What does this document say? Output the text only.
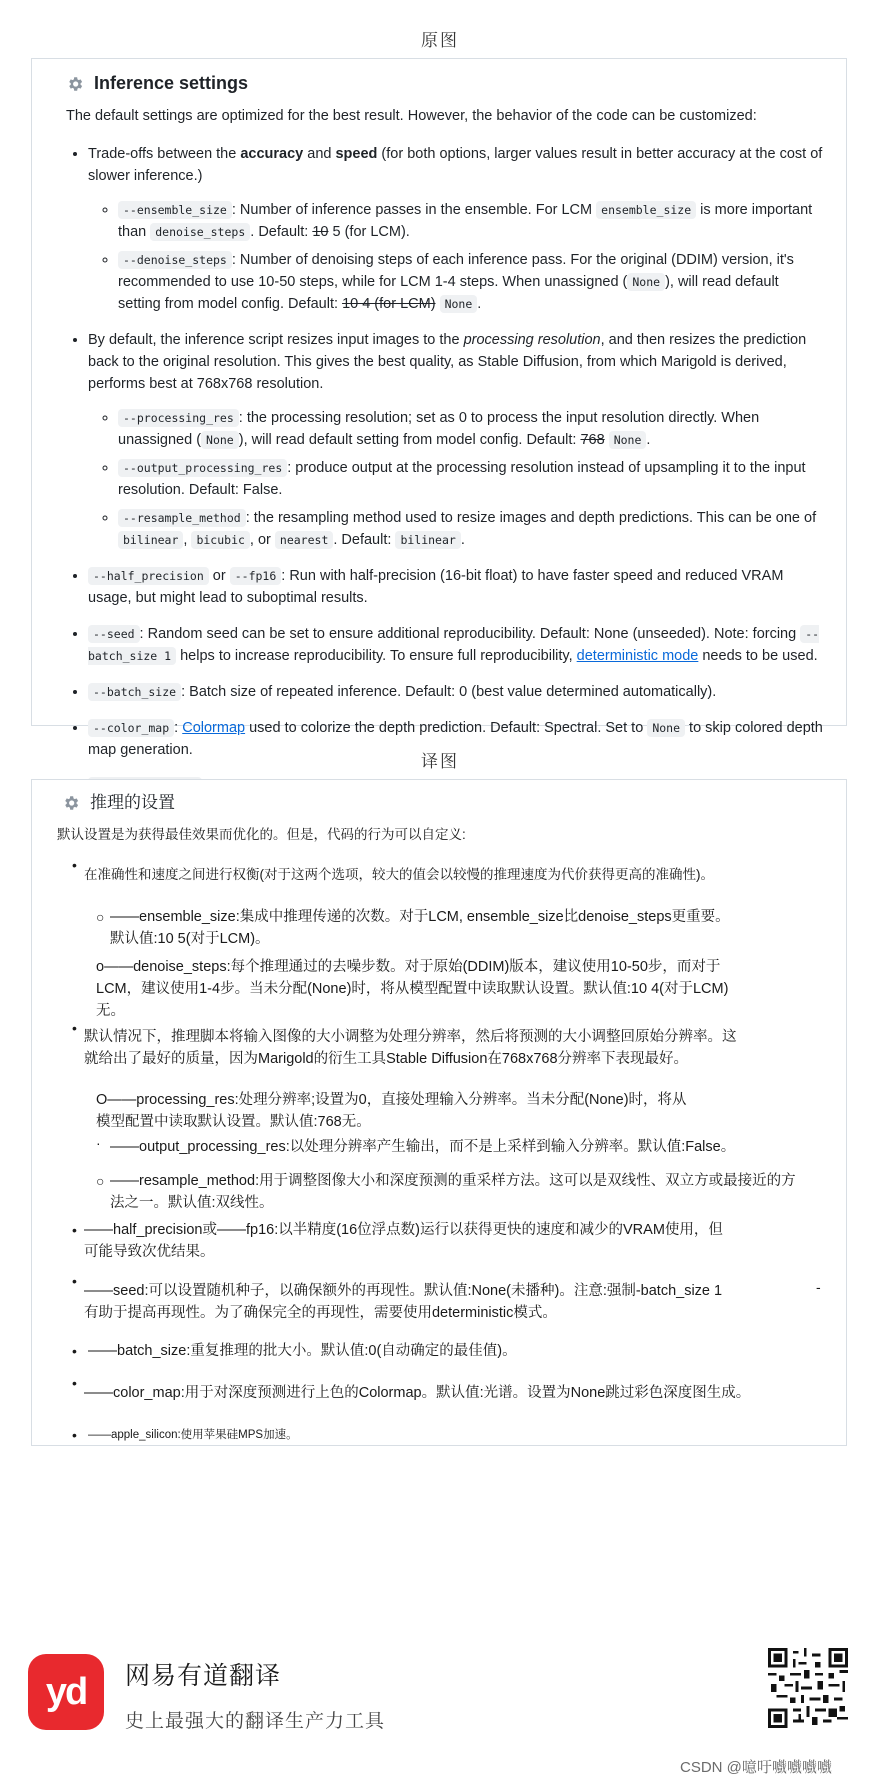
原图
Inference settings

The default settings are optimized for the best result. However, the behavior of the code can be customized:

• Trade-offs between the accuracy and speed (for both options, larger values result in better accuracy at the cost of slower inference.)
◦ --ensemble_size : Number of inference passes in the ensemble. For LCM ensemble_size is more important than denoise_steps . Default: 10 5 (for LCM).
◦ --denoise_steps : Number of denoising steps of each inference pass. For the original (DDIM) version, it's recommended to use 10-50 steps, while for LCM 1-4 steps. When unassigned ( None ), will read default setting from model config. Default: 10 4 (for LCM) None .
• By default, the inference script resizes input images to the processing resolution, and then resizes the prediction back to the original resolution. This gives the best quality, as Stable Diffusion, from which Marigold is derived, performs best at 768x768 resolution.
◦ --processing_res : the processing resolution; set as 0 to process the input resolution directly. When unassigned ( None ), will read default setting from model config. Default: 768 None .
◦ --output_processing_res : produce output at the processing resolution instead of upsampling it to the input resolution. Default: False.
◦ --resample_method : the resampling method used to resize images and depth predictions. This can be one of bilinear , bicubic , or nearest . Default: bilinear .
• --half_precision or --fp16 : Run with half-precision (16-bit float) to have faster speed and reduced VRAM usage, but might lead to suboptimal results.
• --seed : Random seed can be set to ensure additional reproducibility. Default: None (unseeded). Note: forcing --batch_size 1 helps to increase reproducibility. To ensure full reproducibility, deterministic mode needs to be used.
• --batch_size : Batch size of repeated inference. Default: 0 (best value determined automatically).
• --color_map : Colormap used to colorize the depth prediction. Default: Spectral. Set to None to skip colored depth map generation.
•
译图
推理的设置

默认设置是为获得最佳效果而优化的。但是，代码的行为可以自定义:

•

在准确性和速度之间进行权衡(对于这两个选项，较大的值会以较慢的推理速度为代价获得更高的准确性)。

○ ——ensemble_size:集成中推理传递的次数。对于LCM, ensemble_size比denoise_steps更重要。默认值:10 5(对于LCM)。

o——denoise_steps:每个推理通过的去噪步数。对于原始(DDIM)版本，建议使用10-50步，而对于LCM，建议使用1-4步。当未分配(None)时，将从模型配置中读取默认设置。默认值:10 4(对于LCM)无。

•

默认情况下，推理脚本将输入图像的大小调整为处理分辨率，然后将预测的大小调整回原始分辨率。这就给出了最好的质量，因为Marigold的衍生工具Stable Diffusion在768x768分辨率下表现最好。

O——processing_res:处理分辨率;设置为0，直接处理输入分辨率。当未分配(None)时，将从模型配置中读取默认设置。默认值:768无。

· ——output_processing_res:以处理分辨率产生输出，而不是上采样到输入分辨率。默认值:False。

○ ——resample_method:用于调整图像大小和深度预测的重采样方法。这可以是双线性、双立方或最接近的方法之一。默认值:双线性。

• ——half_precision或——fp16:以半精度(16位浮点数)运行以获得更快的速度和减少的VRAM使用，但可能导致次优结果。

•

——seed:可以设置随机种子，以确保额外的再现性。默认值:None(未播种)。注意:强制-batch_size 1有助于提高再现性。为了确保完全的再现性，需要使用deterministic模式。

-
• ——batch_size:重复推理的批大小。默认值:0(自动确定的最佳值)。

•

——color_map:用于对深度预测进行上色的Colormap。默认值:光谱。设置为None跳过彩色深度图生成。

• ——apple_silicon:使用苹果硅MPS加速。

yd 网易有道翻译
史上最强大的翻译生产力工具
CSDN @噫吁嚱嚱嚱嚱
